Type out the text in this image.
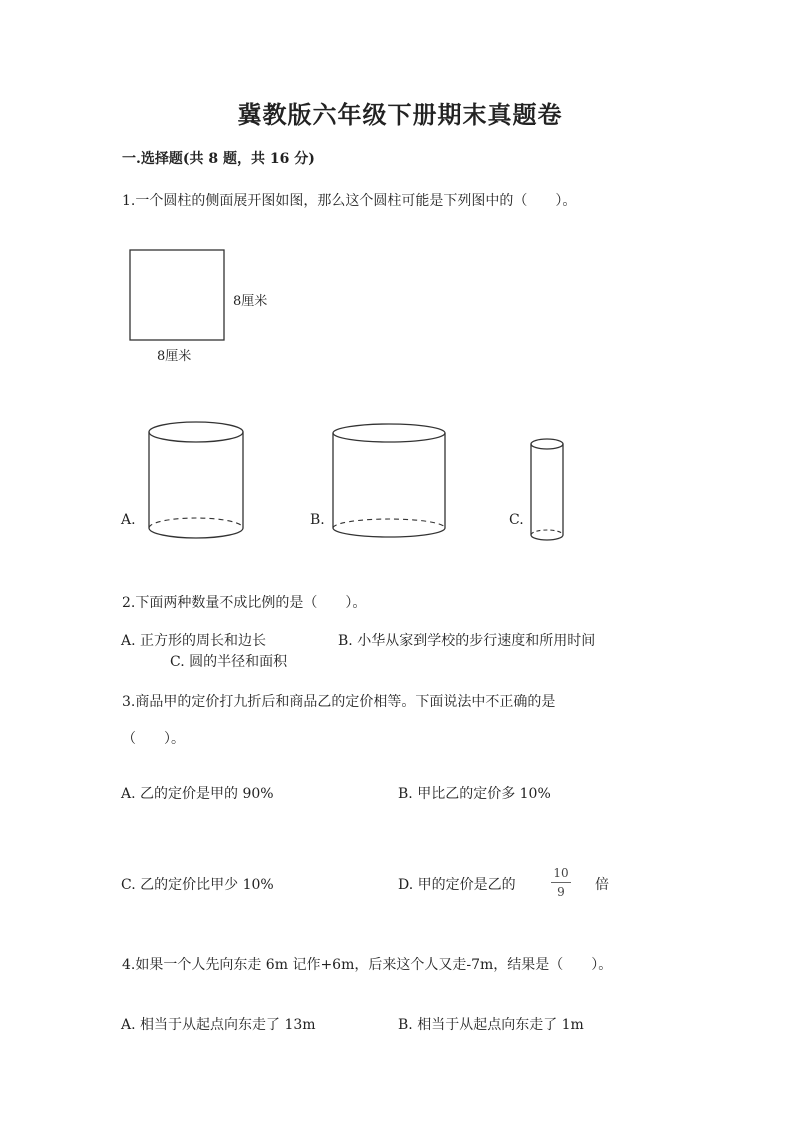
冀教版六年级下册期末真题卷
一.选择题(共 8 题，共 16 分)
1.一个圆柱的侧面展开图如图，那么这个圆柱可能是下列图中的（　　）。
8厘米
8厘米
A.	B.	C.
2.下面两种数量不成比例的是（　　）。
A. 正方形的周长和边长	B. 小华从家到学校的步行速度和所用时间
C. 圆的半径和面积
3.商品甲的定价打九折后和商品乙的定价相等。下面说法中不正确的是
（　　）。
A. 乙的定价是甲的 90%	B. 甲比乙的定价多 10%
C. 乙的定价比甲少 10%	D. 甲的定价是乙的
10
9	倍
4.如果一个人先向东走 6m 记作+6m，后来这个人又走-7m，结果是（　　）。
A. 相当于从起点向东走了 13m	B. 相当于从起点向东走了 1m
